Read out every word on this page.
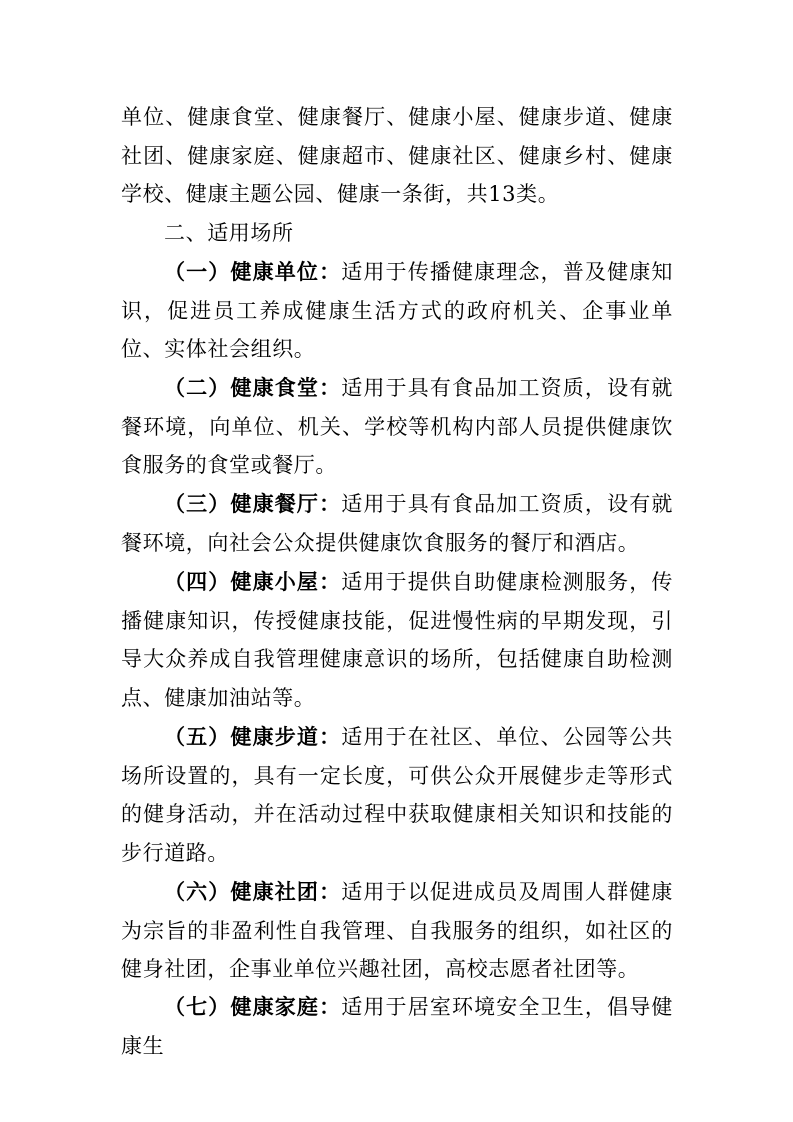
单位、健康食堂、健康餐厅、健康小屋、健康步道、健康社团、健康家庭、健康超市、健康社区、健康乡村、健康学校、健康主题公园、健康一条街，共13类。

二、适用场所

（一）健康单位：适用于传播健康理念，普及健康知识，促进员工养成健康生活方式的政府机关、企事业单位、实体社会组织。

（二）健康食堂：适用于具有食品加工资质，设有就餐环境，向单位、机关、学校等机构内部人员提供健康饮食服务的食堂或餐厅。

（三）健康餐厅：适用于具有食品加工资质，设有就餐环境，向社会公众提供健康饮食服务的餐厅和酒店。

（四）健康小屋：适用于提供自助健康检测服务，传播健康知识，传授健康技能，促进慢性病的早期发现，引导大众养成自我管理健康意识的场所，包括健康自助检测点、健康加油站等。

（五）健康步道：适用于在社区、单位、公园等公共场所设置的，具有一定长度，可供公众开展健步走等形式的健身活动，并在活动过程中获取健康相关知识和技能的步行道路。

（六）健康社团：适用于以促进成员及周围人群健康为宗旨的非盈利性自我管理、自我服务的组织，如社区的健身社团，企事业单位兴趣社团，高校志愿者社团等。

（七）健康家庭：适用于居室环境安全卫生，倡导健康生
